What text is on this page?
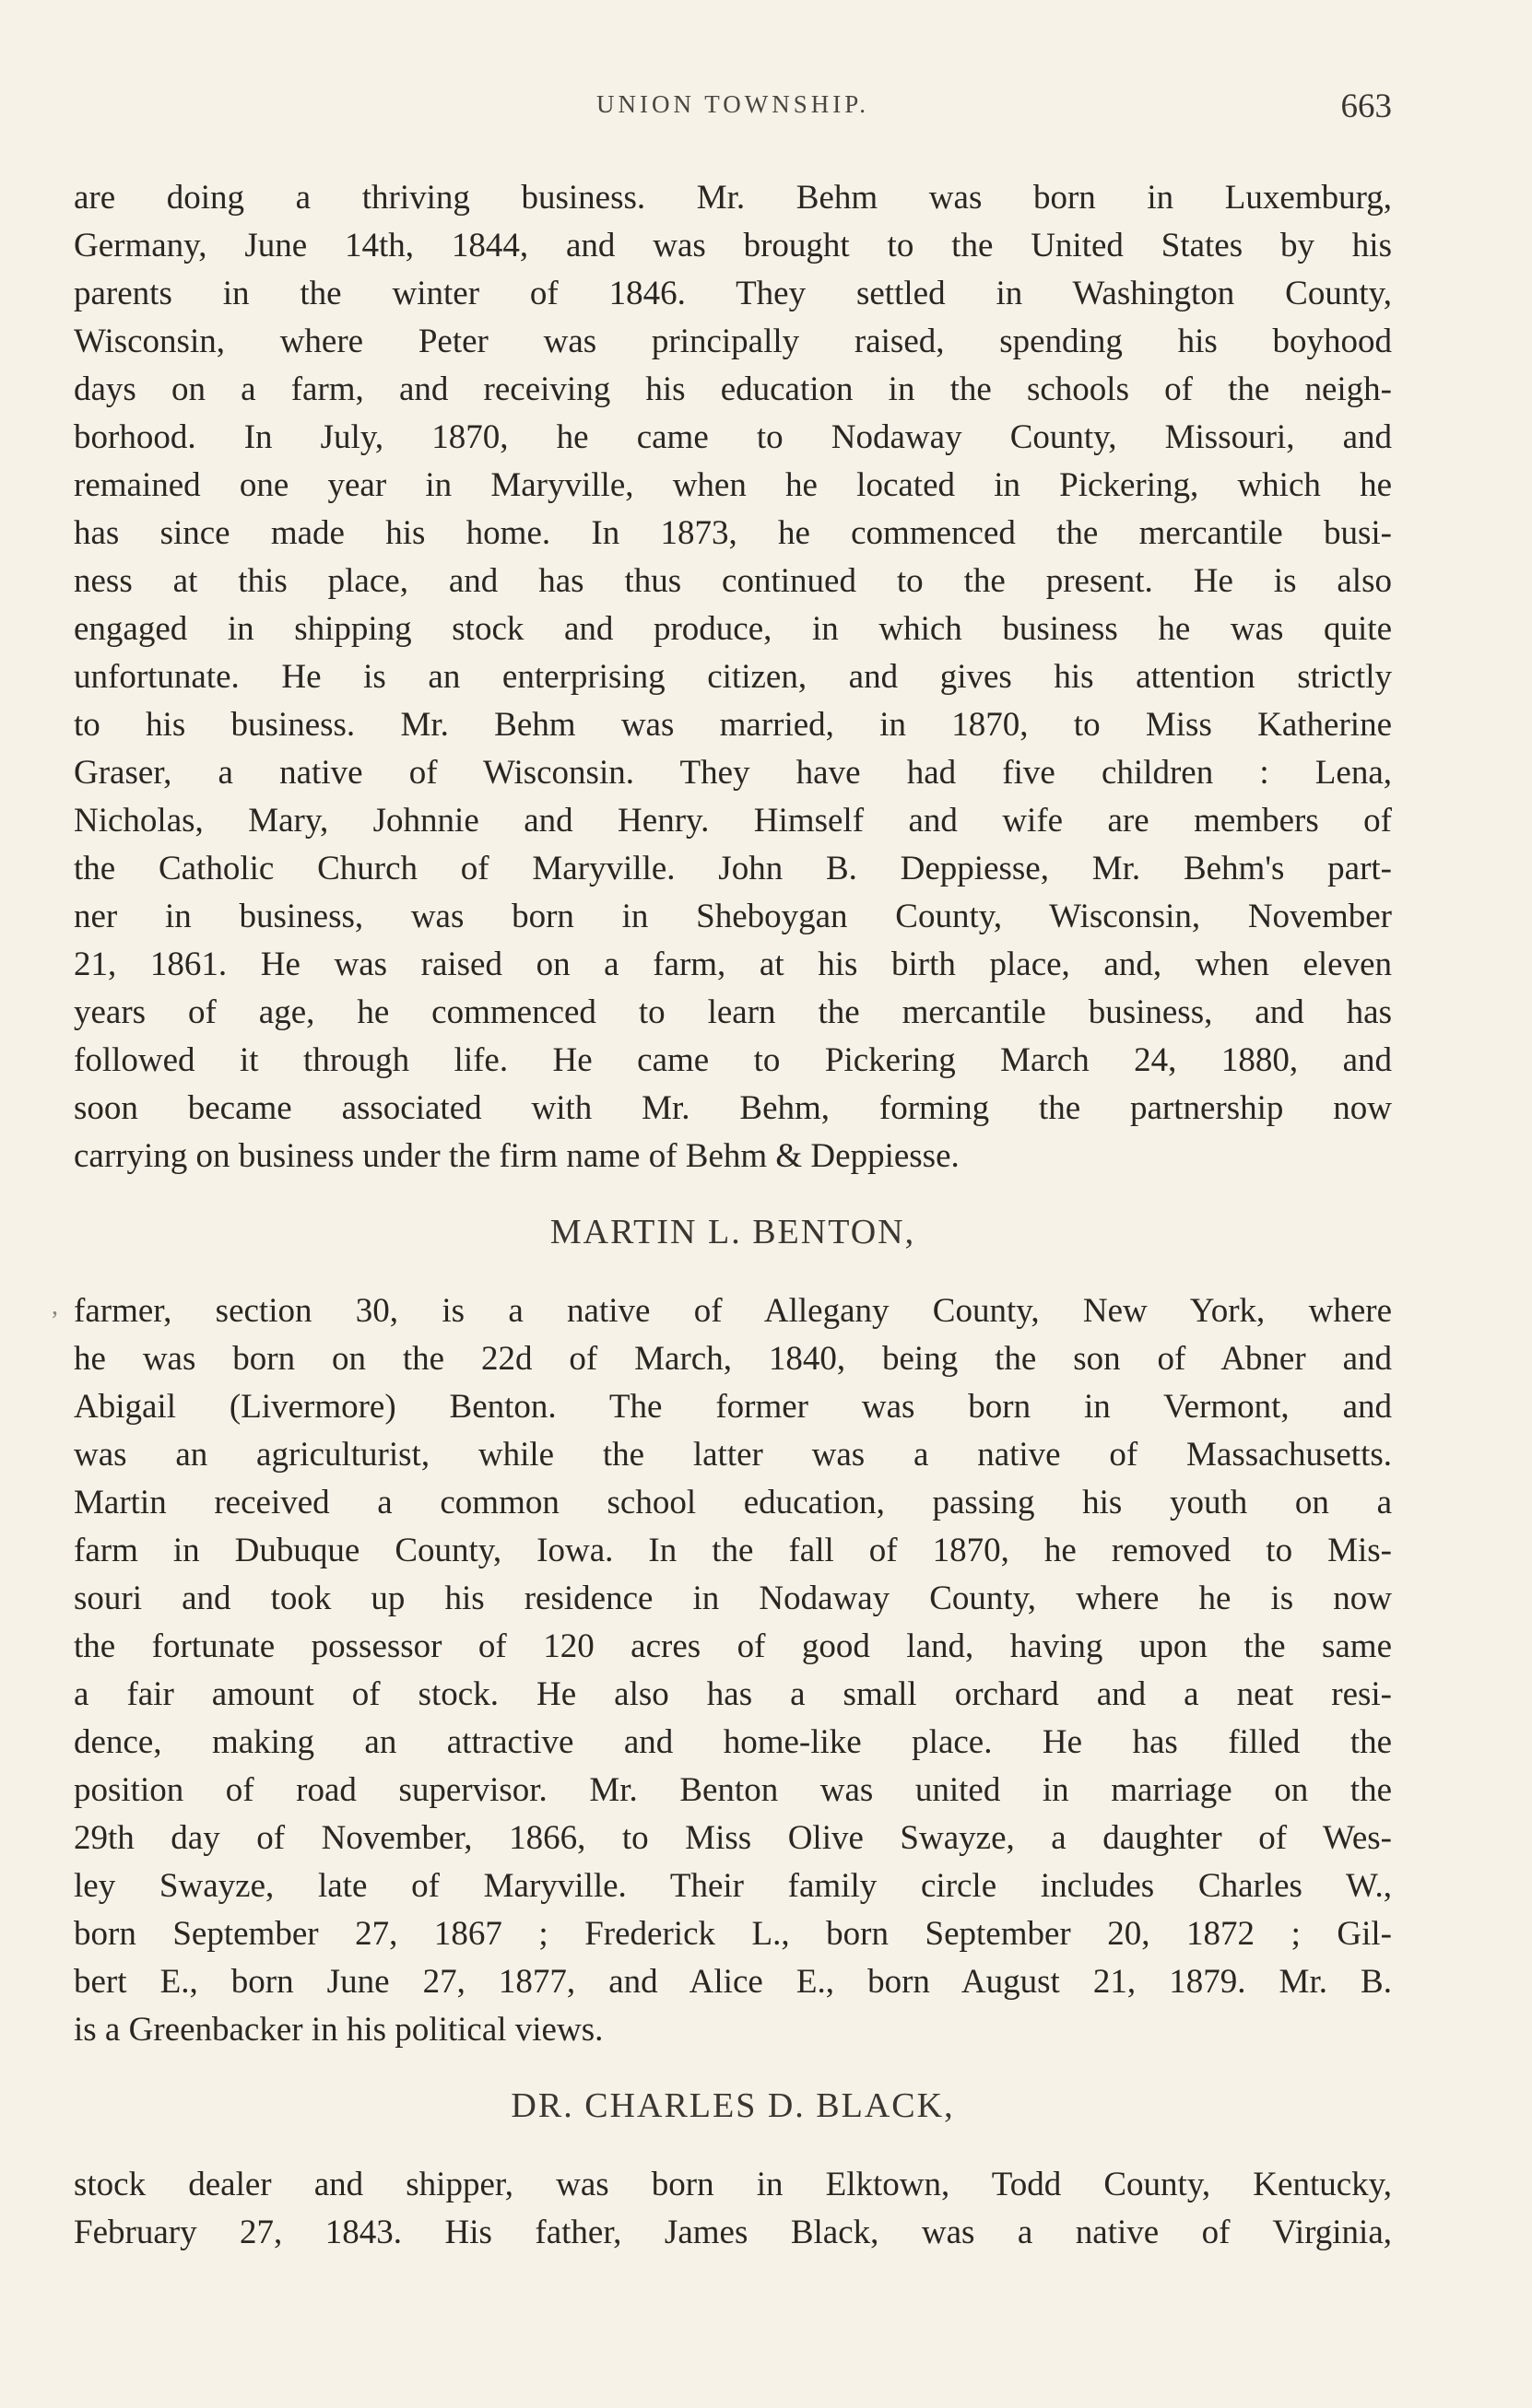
UNION TOWNSHIP.	663
are doing a thriving business. Mr. Behm was born in Luxemburg,
Germany, June 14th, 1844, and was brought to the United States by his
parents in the winter of 1846. They settled in Washington County,
Wisconsin, where Peter was principally raised, spending his boyhood
days on a farm, and receiving his education in the schools of the neigh-
borhood. In July, 1870, he came to Nodaway County, Missouri, and
remained one year in Maryville, when he located in Pickering, which he
has since made his home. In 1873, he commenced the mercantile busi-
ness at this place, and has thus continued to the present. He is also
engaged in shipping stock and produce, in which business he was quite
unfortunate. He is an enterprising citizen, and gives his attention strictly
to his business. Mr. Behm was married, in 1870, to Miss Katherine
Graser, a native of Wisconsin. They have had five children : Lena,
Nicholas, Mary, Johnnie and Henry. Himself and wife are members of
the Catholic Church of Maryville. John B. Deppiesse, Mr. Behm's part-
ner in business, was born in Sheboygan County, Wisconsin, November
21, 1861. He was raised on a farm, at his birth place, and, when eleven
years of age, he commenced to learn the mercantile business, and has
followed it through life. He came to Pickering March 24, 1880, and
soon became associated with Mr. Behm, forming the partnership now
carrying on business under the firm name of Behm & Deppiesse.
MARTIN L. BENTON,
, farmer, section 30, is a native of Allegany County, New York, where
he was born on the 22d of March, 1840, being the son of Abner and
Abigail (Livermore) Benton. The former was born in Vermont, and
was an agriculturist, while the latter was a native of Massachusetts.
Martin received a common school education, passing his youth on a
farm in Dubuque County, Iowa. In the fall of 1870, he removed to Mis-
souri and took up his residence in Nodaway County, where he is now
the fortunate possessor of 120 acres of good land, having upon the same
a fair amount of stock. He also has a small orchard and a neat resi-
dence, making an attractive and home-like place. He has filled the
position of road supervisor. Mr. Benton was united in marriage on the
29th day of November, 1866, to Miss Olive Swayze, a daughter of Wes-
ley Swayze, late of Maryville. Their family circle includes Charles W.,
born September 27, 1867 ; Frederick L., born September 20, 1872 ; Gil-
bert E., born June 27, 1877, and Alice E., born August 21, 1879. Mr. B.
is a Greenbacker in his political views.
DR. CHARLES D. BLACK,
stock dealer and shipper, was born in Elktown, Todd County, Kentucky,
February 27, 1843. His father, James Black, was a native of Virginia,
